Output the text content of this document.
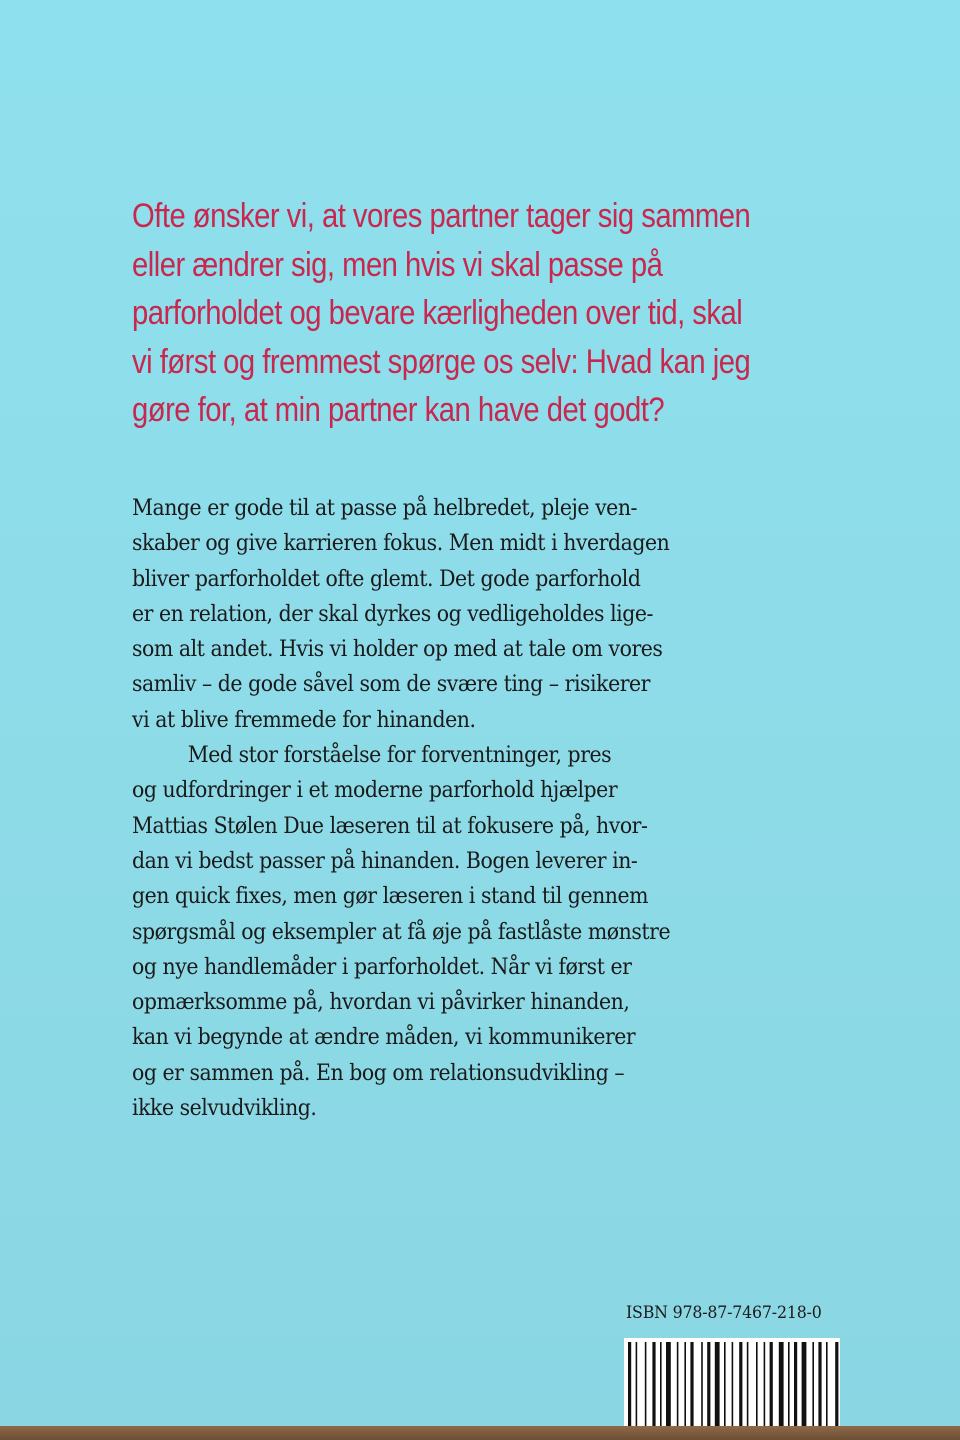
Ofte ønsker vi, at vores partner tager sig sammen
eller ændrer sig, men hvis vi skal passe på
parforholdet og bevare kærligheden over tid, skal
vi først og fremmest spørge os selv: Hvad kan jeg
gøre for, at min partner kan have det godt?
Mange er gode til at passe på helbredet, pleje ven-
skaber og give karrieren fokus. Men midt i hverdagen
bliver parforholdet ofte glemt. Det gode parforhold
er en relation, der skal dyrkes og vedligeholdes lige-
som alt andet. Hvis vi holder op med at tale om vores
samliv – de gode såvel som de svære ting – risikerer
vi at blive fremmede for hinanden.
Med stor forståelse for forventninger, pres
og udfordringer i et moderne parforhold hjælper
Mattias Stølen Due læseren til at fokusere på, hvor-
dan vi bedst passer på hinanden. Bogen leverer in-
gen quick fixes, men gør læseren i stand til gennem
spørgsmål og eksempler at få øje på fastlåste mønstre
og nye handlemåder i parforholdet. Når vi først er
opmærksomme på, hvordan vi påvirker hinanden,
kan vi begynde at ændre måden, vi kommunikerer
og er sammen på. En bog om relationsudvikling –
ikke selvudvikling.
ISBN 978-87-7467-218-0
